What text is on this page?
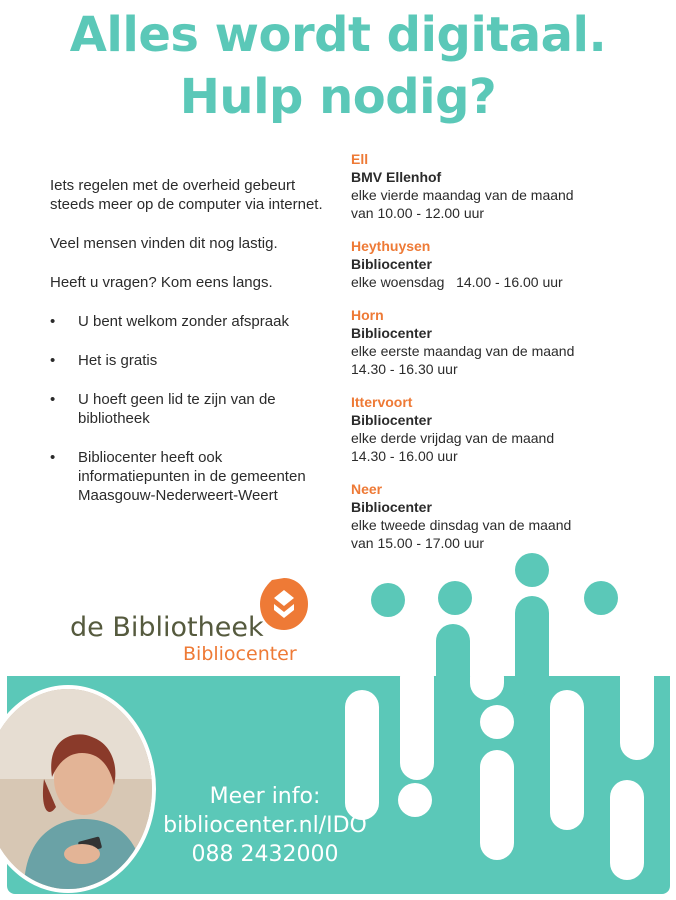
Alles wordt digitaal.
Hulp nodig?

Iets regelen met de overheid gebeurt steeds meer op de computer via internet.

Veel mensen vinden dit nog lastig.

Heeft u vragen? Kom eens langs.

• U bent welkom zonder afspraak
• Het is gratis
• U hoeft geen lid te zijn van de bibliotheek
• Bibliocenter heeft ook informatiepunten in de gemeenten Maasgouw-Nederweert-Weert
Ell
BMV Ellenhof
elke vierde maandag van de maand
van 10.00 - 12.00 uur
Heythuysen
Bibliocenter
elke woensdag   14.00 - 16.00 uur
Horn
Bibliocenter
elke eerste maandag van de maand
14.30 - 16.30 uur
Ittervoort
Bibliocenter
elke derde vrijdag van de maand
14.30 - 16.00 uur
Neer
Bibliocenter
elke tweede dinsdag van de maand
van 15.00 - 17.00 uur
de Bibliotheek
Bibliocenter
Meer info:
bibliocenter.nl/IDO
088 2432000
